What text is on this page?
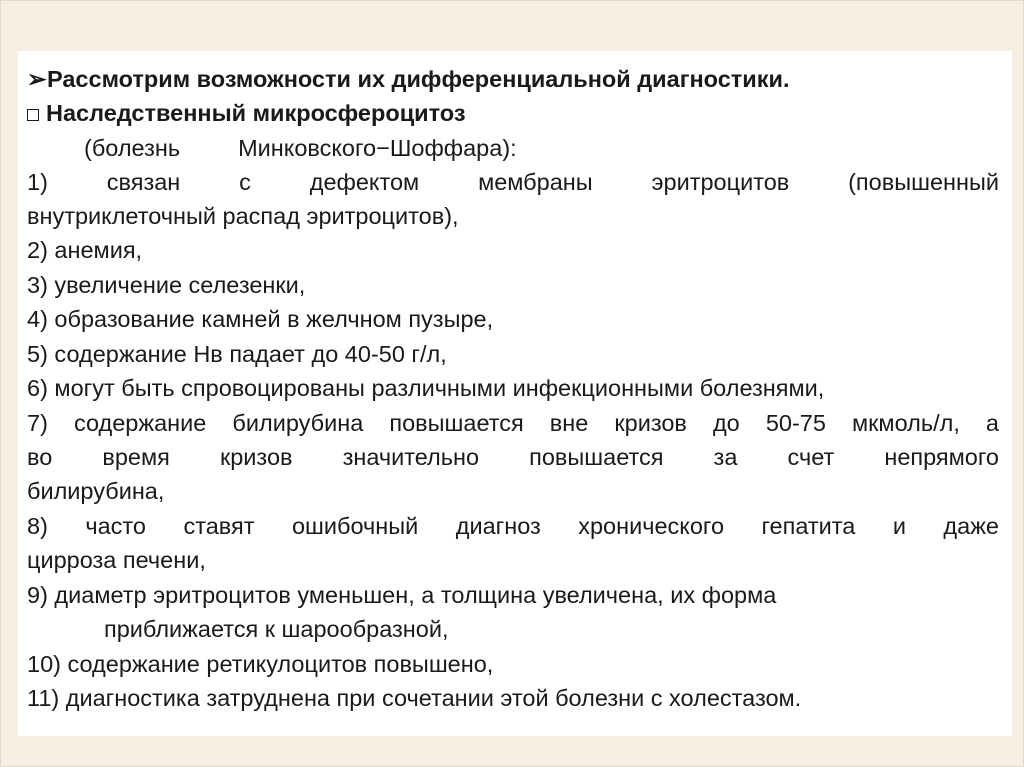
➢Рассмотрим возможности их дифференциальной диагностики.
Наследственный микросфероцитоз
(болезнь Минковского−Шоффара):
1) связан с дефектом мембраны эритроцитов (повышенный
внутриклеточный распад эритроцитов),
2) анемия,
3) увеличение селезенки,
4) образование камней в желчном пузыре,
5) содержание Нв падает до 40-50 г/л,
6) могут быть спровоцированы различными инфекционными болезнями,
7) содержание билирубина повышается вне кризов до 50-75 мкмоль/л, а
во время кризов значительно повышается за счет непрямого
билирубина,
8) часто ставят ошибочный диагноз хронического гепатита и даже
цирроза печени,
9) диаметр эритроцитов уменьшен, а толщина увеличена, их форма
приближается к шарообразной,
10) содержание ретикулоцитов повышено,
11) диагностика затруднена при сочетании этой болезни с холестазом.
